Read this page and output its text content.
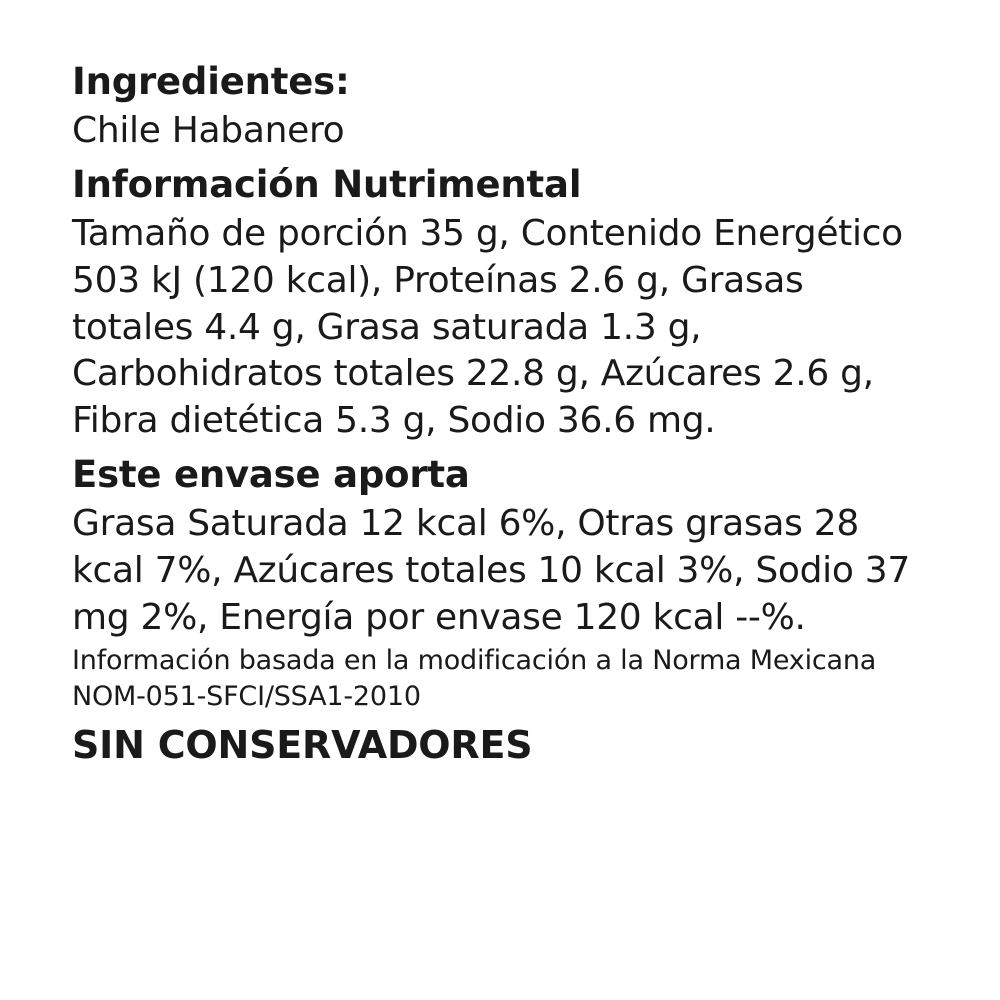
Ingredientes:

Chile Habanero

Información Nutrimental

Tamaño de porción 35 g, Contenido Energético 503 kJ (120 kcal), Proteínas 2.6 g, Grasas totales 4.4 g, Grasa saturada 1.3 g, Carbohidratos totales 22.8 g, Azúcares 2.6 g, Fibra dietética 5.3 g, Sodio 36.6 mg.

Este envase aporta

Grasa Saturada 12 kcal 6%, Otras grasas 28 kcal 7%, Azúcares totales 10 kcal 3%, Sodio 37 mg 2%, Energía por envase 120 kcal --%.

Información basada en la modificación a la Norma Mexicana NOM-051-SFCI/SSA1-2010

SIN CONSERVADORES
